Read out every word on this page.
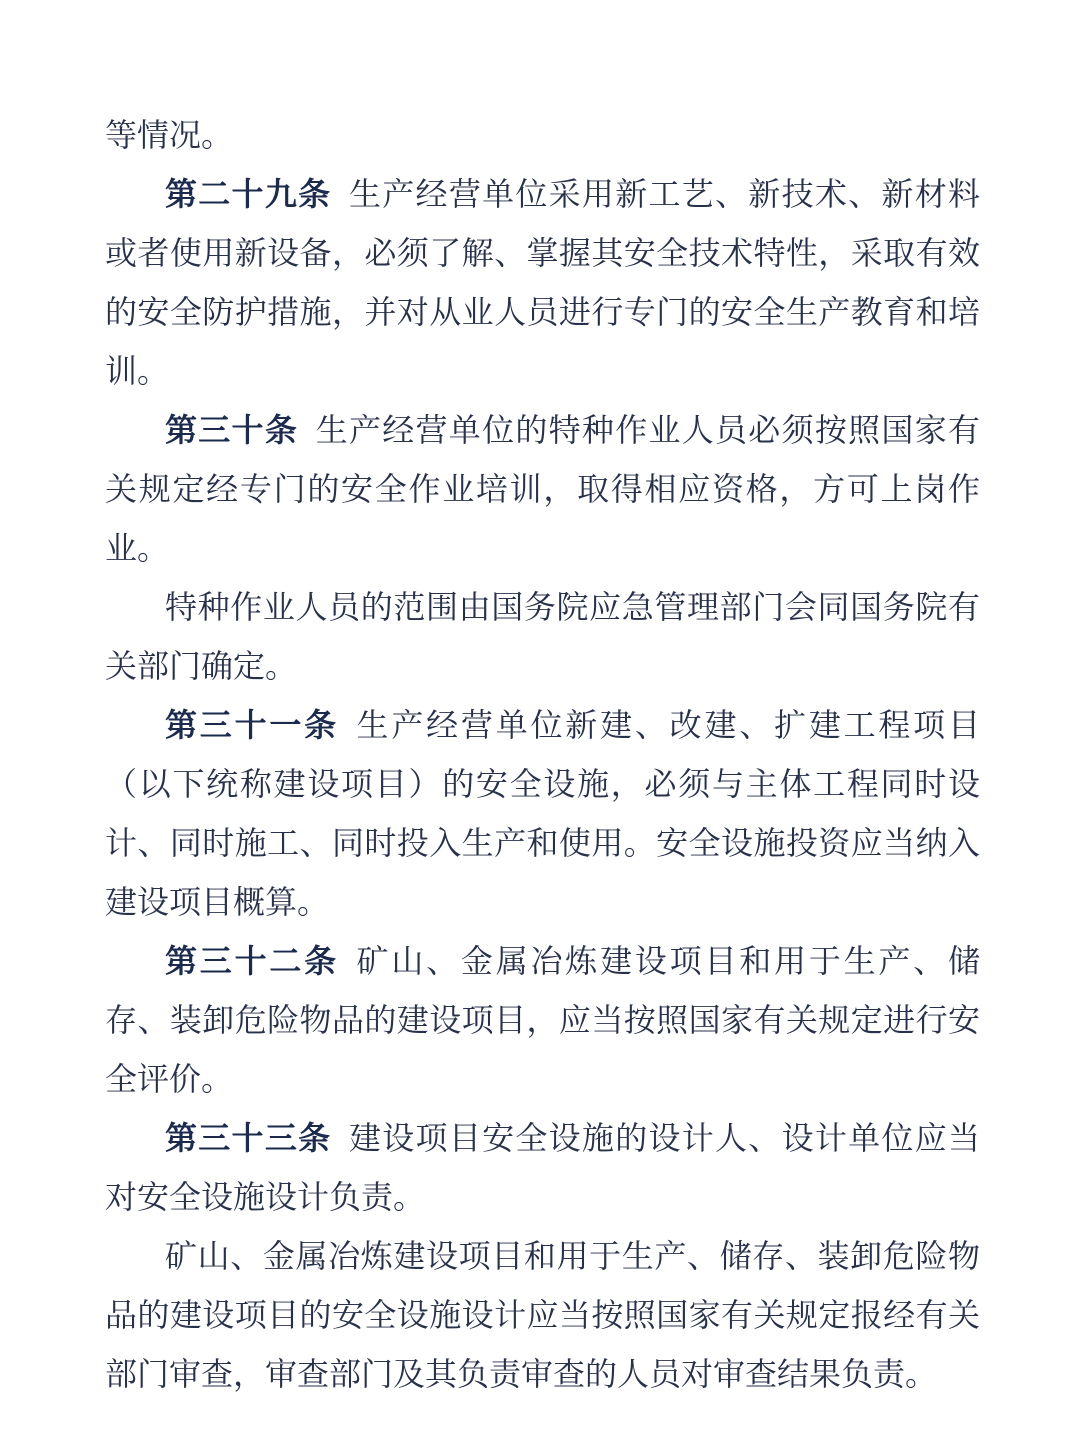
等情况。

第二十九条 生产经营单位采用新工艺、新技术、新材料或者使用新设备，必须了解、掌握其安全技术特性，采取有效的安全防护措施，并对从业人员进行专门的安全生产教育和培训。

第三十条 生产经营单位的特种作业人员必须按照国家有关规定经专门的安全作业培训，取得相应资格，方可上岗作业。

特种作业人员的范围由国务院应急管理部门会同国务院有关部门确定。

第三十一条 生产经营单位新建、改建、扩建工程项目（以下统称建设项目）的安全设施，必须与主体工程同时设计、同时施工、同时投入生产和使用。安全设施投资应当纳入建设项目概算。

第三十二条 矿山、金属冶炼建设项目和用于生产、储存、装卸危险物品的建设项目，应当按照国家有关规定进行安全评价。

第三十三条 建设项目安全设施的设计人、设计单位应当对安全设施设计负责。

矿山、金属冶炼建设项目和用于生产、储存、装卸危险物品的建设项目的安全设施设计应当按照国家有关规定报经有关部门审查，审查部门及其负责审查的人员对审查结果负责。
